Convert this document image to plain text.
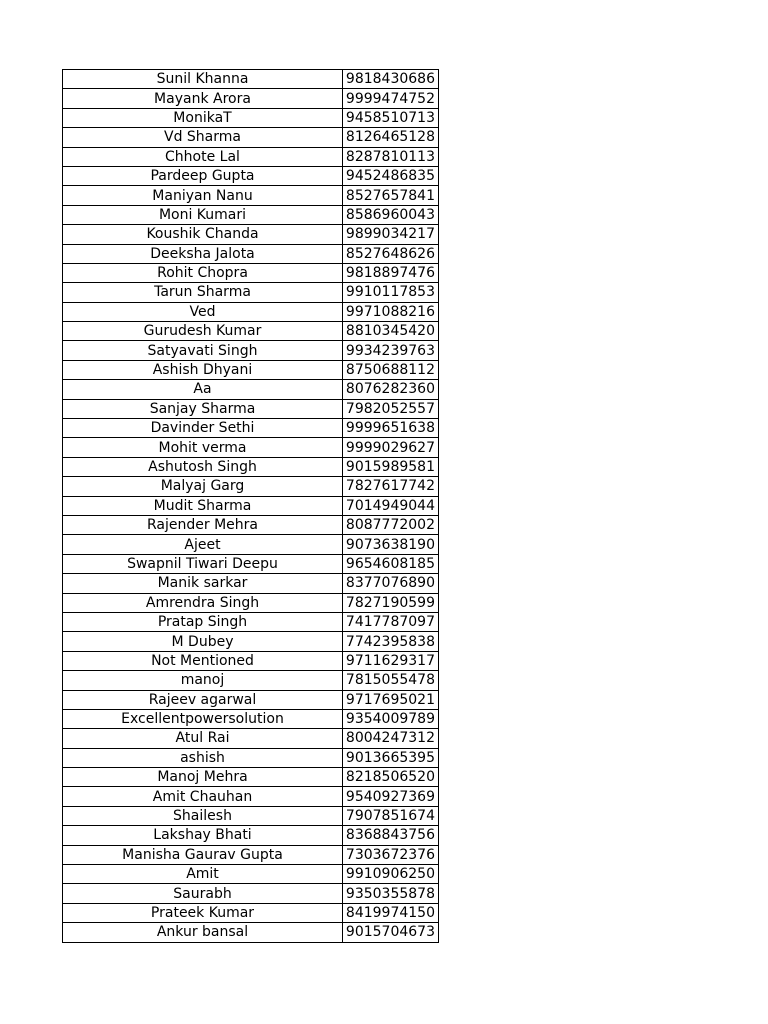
Sunil Khanna	9818430686
Mayank Arora	9999474752
MonikaT	9458510713
Vd Sharma	8126465128
Chhote Lal	8287810113
Pardeep Gupta	9452486835
Maniyan Nanu	8527657841
Moni Kumari	8586960043
Koushik Chanda	9899034217
Deeksha Jalota	8527648626
Rohit Chopra	9818897476
Tarun Sharma	9910117853
Ved	9971088216
Gurudesh Kumar	8810345420
Satyavati Singh	9934239763
Ashish Dhyani	8750688112
Aa	8076282360
Sanjay Sharma	7982052557
Davinder Sethi	9999651638
Mohit verma	9999029627
Ashutosh Singh	9015989581
Malyaj Garg	7827617742
Mudit Sharma	7014949044
Rajender Mehra	8087772002
Ajeet	9073638190
Swapnil Tiwari Deepu	9654608185
Manik sarkar	8377076890
Amrendra Singh	7827190599
Pratap Singh	7417787097
M Dubey	7742395838
Not Mentioned	9711629317
manoj	7815055478
Rajeev agarwal	9717695021
Excellentpowersolution	9354009789
Atul Rai	8004247312
ashish	9013665395
Manoj Mehra	8218506520
Amit Chauhan	9540927369
Shailesh	7907851674
Lakshay Bhati	8368843756
Manisha Gaurav Gupta	7303672376
Amit	9910906250
Saurabh	9350355878
Prateek Kumar	8419974150
Ankur bansal	9015704673
